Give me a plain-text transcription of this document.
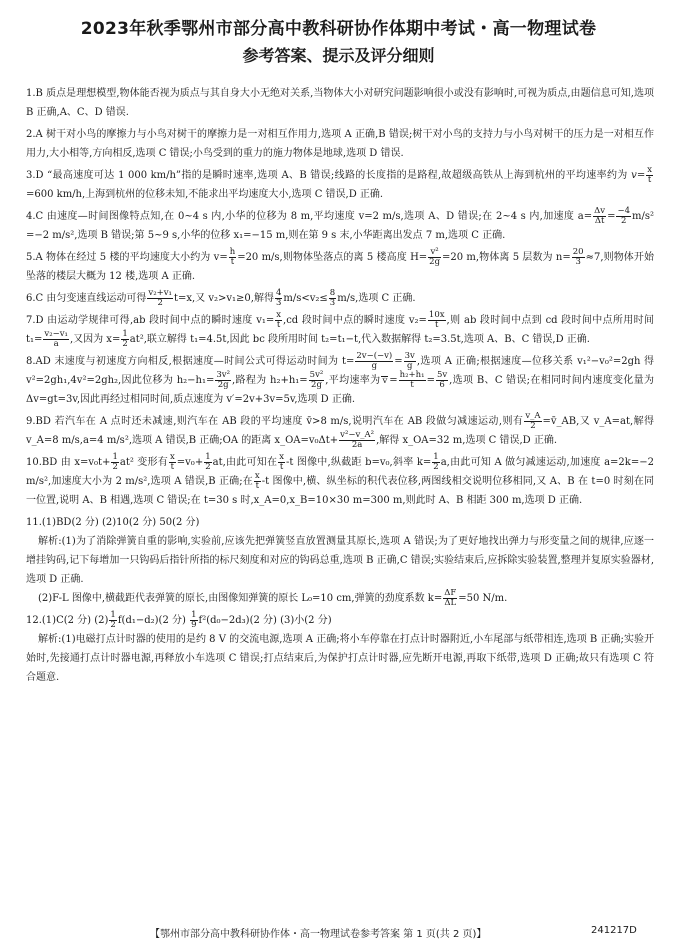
2023年秋季鄂州市部分高中教科研协作体期中考试・高一物理试卷
参考答案、提示及评分细则

1.B 质点是理想模型,物体能否视为质点与其自身大小无绝对关系,当物体大小对研究问题影响很小或没有影响时,可视为质点,由题信息可知,选项 B 正确,A、C、D 错误.

2.A 树干对小鸟的摩擦力与小鸟对树干的摩擦力是一对相互作用力,选项 A 正确,B 错误;树干对小鸟的支持力与小鸟对树干的压力是一对相互作用力,大小相等,方向相反,选项 C 错误;小鸟受到的重力的施力物体是地球,选项 D 错误.

3.D “最高速度可达 1 000 km/h”指的是瞬时速率,选项 A、B 错误;线路的长度指的是路程,故超级高铁从上海到杭州的平均速率约为 $v= \frac{x}{t}$
=600 km/h,上海到杭州的位移未知,不能求出平均速度大小,选项 C 错误,D 正确.

4.C 由速度—时间图像特点知,在 0~4 s 内,小华的位移为 8 m,平均速度 v=2 m/s,选项 A、D 错误;在 2~4 s 内,加速度 $a= \frac{\Delta v}{\Delta t} = \frac{-4}{2} m/s^2 =-2$ m/s²,选项 B 错误;第 5~9 s,小华的位移 x₁=−15 m,则在第 9 s 末,小华距离出发点 7 m,选项 C 正确.

5.A 物体在经过 5 楼的平均速度大小约为 $v= \frac{h}{t} =20$ m/s,则物体坠落点的离 5 楼高度 $H= \frac{\text{v²}}{2g} =20$ m,物体离 5 层数为 $n= \frac{20}{3} \approx 7$,则物体开始坠落的楼层大概为 12 楼,选项 A 正确.

6.C 由匀变速直线运动可得 $\frac{\text{v₂+v₁}}{2} t=x$,又 v₂>v₁≥0,解得 $\frac{4}{3} m/s<v_2\le \frac{8}{3} m/s$,选项 C 正确.

7.D 由运动学规律可得,ab 段时间中点的瞬时速度 $v_1= \frac{x}{t} ,cd$ 段时间中点的瞬时速度 $v_2= \frac{10x}{t}$ ,则 ab 段时间中点到 cd 段时间中点所用时间 $t_1= \frac{\text{v₂−v₁}}{a}$ ,又因为 $x= \frac{1}{2} at^2$,联立解得 t₁=4.5t,因此 bc 段所用时间 t₂=t₁−t,代入数据解得 t₂=3.5t,选项 A、B、C 错误,D 正确.

8.AD 末速度与初速度方向相反,根据速度—时间公式可得运动时间为 $t= \frac{2v-(-v)}{g} = \frac{3v}{g}$ ,选项 A 正确;根据速度—位移关系 v₁²−v₀²=2gh 得 v²=2gh₁,4v²=2gh₂,因此位移为 $h_2-h_1= \frac{\text{3v²}}{2g}$ ,路程为 $h_2+h_1= \frac{\text{5v²}}{2g}$ ,平均速率为 v̄ = $\frac{\text{h₂+h₁}}{t} = \frac{5v}{6}$ ,选项 B、C 错误;在相同时间内速度变化量为 Δv=gt=3v,因此再经过相同时间,质点速度为 v′=2v+3v=5v,选项 D 正确.

9.BD 若汽车在 A 点时还未减速,则汽车在 AB 段的平均速度 v̄>8 m/s,说明汽车在 AB 段做匀减速运动,则有 $\frac{v\_A}{2}$ =v̄_AB,又 v_A=at,解得 v_A=8 m/s,a=4 m/s²,选项 A 错误,B 正确;OA 的距离 x_OA=v₀Δt+ $\frac{\text{v²−v\_A²}}{2a}$ ,解得 x_OA=32 m,选项 C 错误,D 正确.

10.BD 由 $x=v_0t+ \frac{1}{2} at^2$ 变形有 $\frac{x}{t} =v_0+ \frac{1}{2}$ at,由此可知在 $\frac{x}{t} -t$ 图像中,纵截距 b=v₀,斜率 $k= \frac{1}{2} a$,由此可知 A 做匀减速运动,加速度 a=2k=−2 m/s²,加速度大小为 2 m/s²,选项 A 错误,B 正确;在 $\frac{x}{t} -t$ 图像中,横、纵坐标的积代表位移,两图线相交说明位移相同,又 A、B 在 t=0 时刻在同一位置,说明 A、B 相遇,选项 C 错误;在 t=30 s 时,x_A=0,x_B=10×30 m=300 m,则此时 A、B 相距 300 m,选项 D 正确.

11.(1)BD(2 分) (2)10(2 分) 50(2 分)
解析:(1)为了消除弹簧自重的影响,实验前,应该先把弹簧竖直放置测量其原长,选项 A 错误;为了更好地找出弹力与形变量之间的规律,应逐一增挂钩码,记下每增加一只钩码后指针所指的标尺刻度和对应的钩码总重,选项 B 正确,C 错误;实验结束后,应拆除实验装置,整理并复原实验器材,选项 D 正确.
(2)F-L 图像中,横截距代表弹簧的原长,由图像知弹簧的原长 L₀=10 cm,弹簧的劲度系数 $k= \frac{\Delta F}{\Delta L} =50$ N/m.

12.(1)C(2 分) $(2) \frac{1}{2} f(d_1-d_2)(2$ 分) $\frac{1}{9} f^2(d_0-2d_3)(2$ 分) (3)小(2 分)
解析:(1)电磁打点计时器的使用的是约 8 V 的交流电源,选项 A 正确;将小车停靠在打点计时器附近,小车尾部与纸带相连,选项 B 正确;实验开始时,先接通打点计时器电源,再释放小车选项 C 错误;打点结束后,为保护打点计时器,应先断开电源,再取下纸带,选项 D 正确;故只有选项 C 符合题意.

【鄂州市部分高中教科研协作体・高一物理试卷参考答案 第 1 页(共 2 页)】	241217D
